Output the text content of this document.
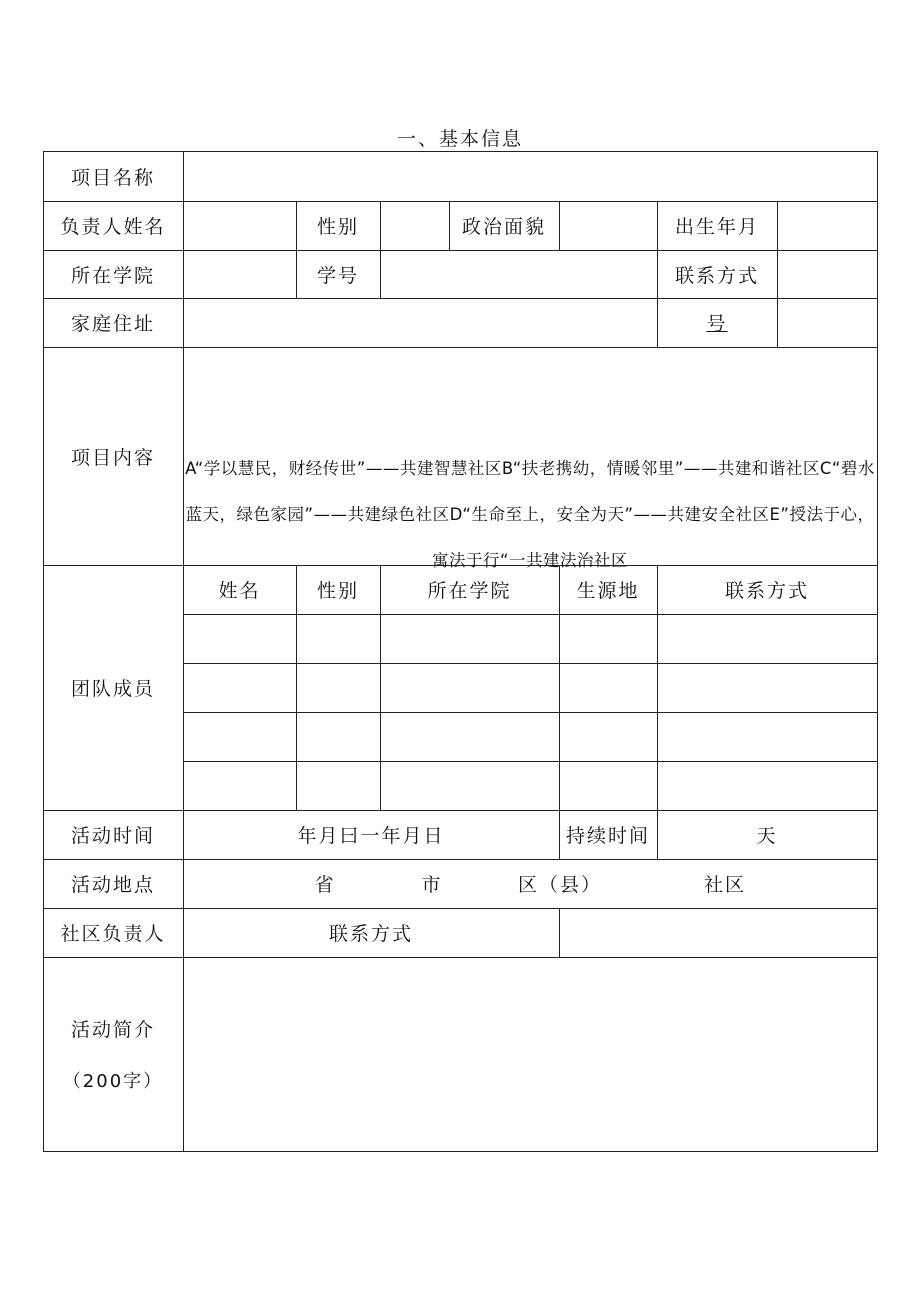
一、基本信息
项目名称
负责人姓名	性别	政治面貌	出生年月
所在学院	学号	联系方式
家庭住址	号
项目内容	A“学以慧民，财经传世”——共建智慧社区B“扶老携幼，情暖邻里”——共建和谐社区C“碧水蓝天，绿色家园”——共建绿色社区D“生命至上，安全为天”——共建安全社区E”授法于心，寓法于行“一共建法治社区
团队成员
姓名	性别	所在学院	生源地	联系方式
活动时间	年月曰一年月日	持续时间	天
活动地点	省	市	区（县）	社区
社区负责人	联系方式
活动简介
（200字）
